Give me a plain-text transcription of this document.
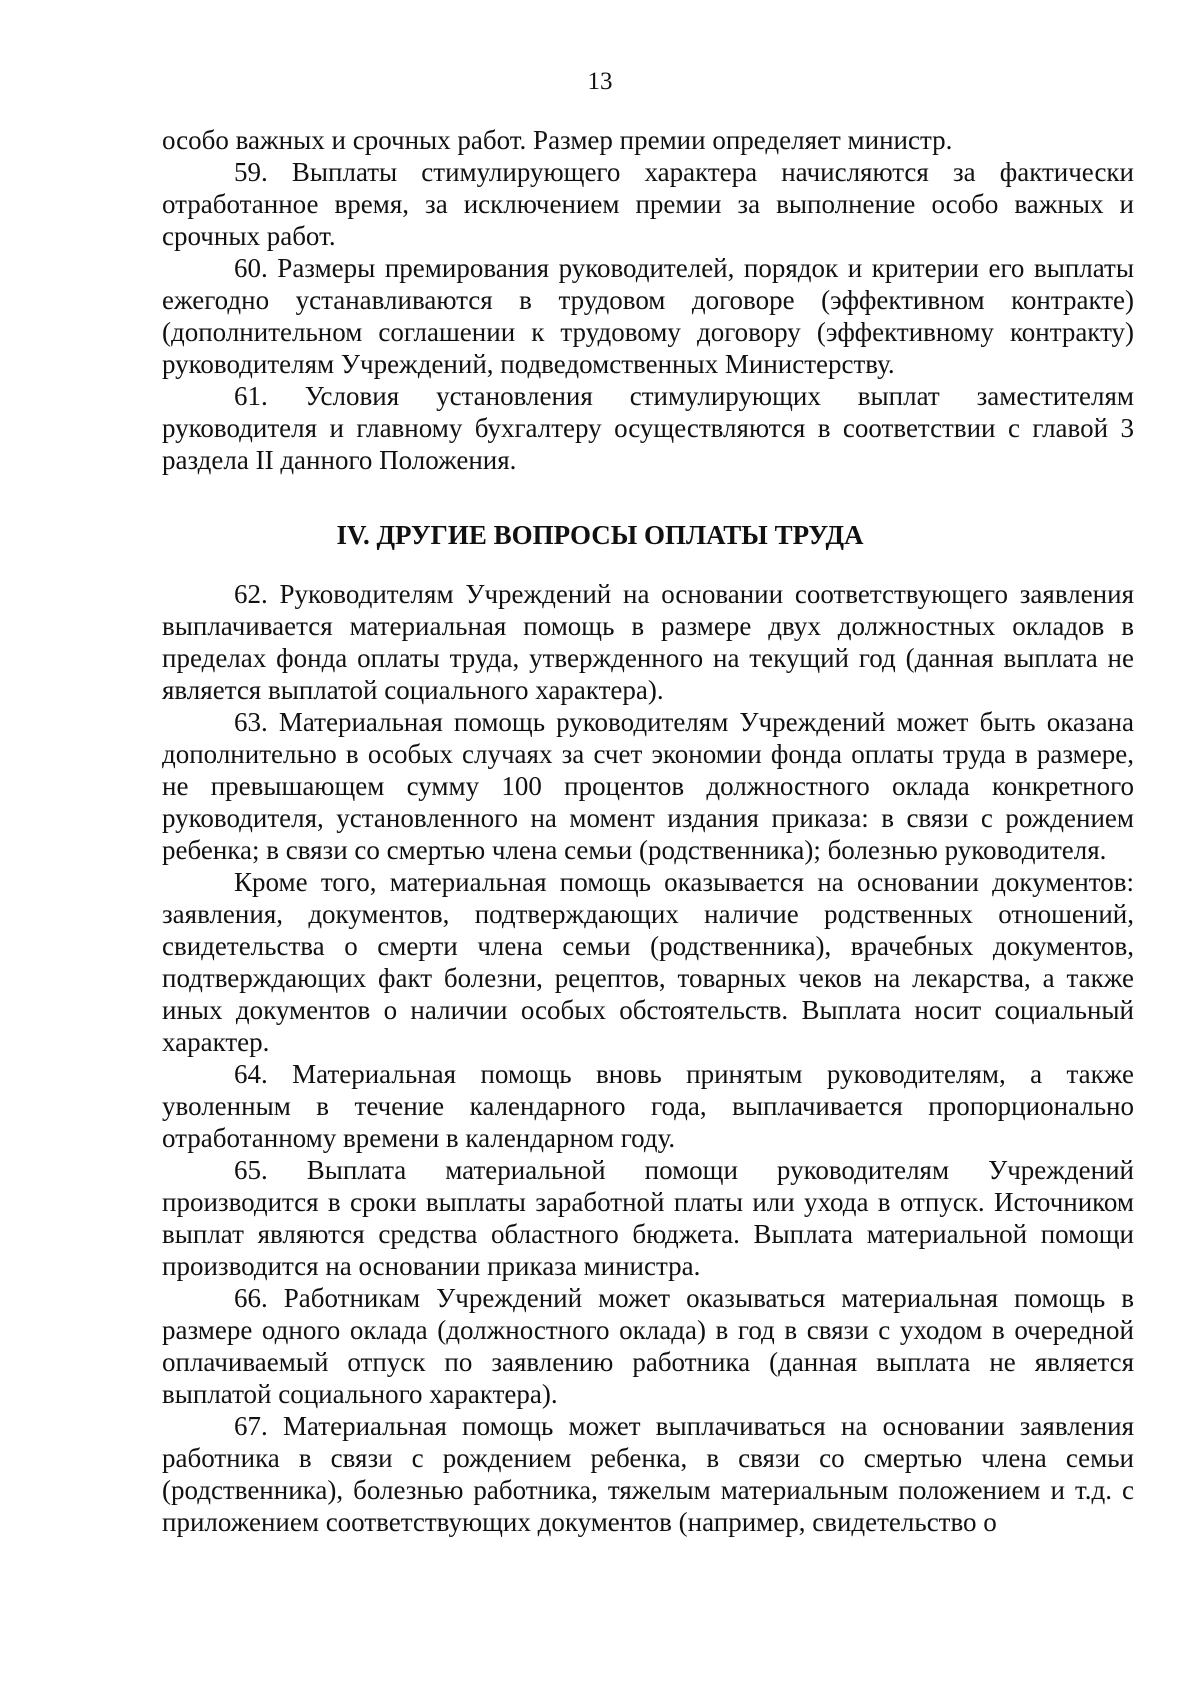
13

особо важных и срочных работ. Размер премии определяет министр.

59. Выплаты стимулирующего характера начисляются за фактически отработанное время, за исключением премии за выполнение особо важных и срочных работ.

60. Размеры премирования руководителей, порядок и критерии его выплаты ежегодно устанавливаются в трудовом договоре (эффективном контракте) (дополнительном соглашении к трудовому договору (эффективному контракту) руководителям Учреждений, подведомственных Министерству.

61. Условия установления стимулирующих выплат заместителям руководителя и главному бухгалтеру осуществляются в соответствии с главой 3 раздела II данного Положения.

IV. ДРУГИЕ ВОПРОСЫ ОПЛАТЫ ТРУДА

62. Руководителям Учреждений на основании соответствующего заявления выплачивается материальная помощь в размере двух должностных окладов в пределах фонда оплаты труда, утвержденного на текущий год (данная выплата не является выплатой социального характера).

63. Материальная помощь руководителям Учреждений может быть оказана дополнительно в особых случаях за счет экономии фонда оплаты труда в размере, не превышающем сумму 100 процентов должностного оклада конкретного руководителя, установленного на момент издания приказа: в связи с рождением ребенка; в связи со смертью члена семьи (родственника); болезнью руководителя.

Кроме того, материальная помощь оказывается на основании документов: заявления, документов, подтверждающих наличие родственных отношений, свидетельства о смерти члена семьи (родственника), врачебных документов, подтверждающих факт болезни, рецептов, товарных чеков на лекарства, а также иных документов о наличии особых обстоятельств. Выплата носит социальный характер.

64. Материальная помощь вновь принятым руководителям, а также уволенным в течение календарного года, выплачивается пропорционально отработанному времени в календарном году.

65. Выплата материальной помощи руководителям Учреждений производится в сроки выплаты заработной платы или ухода в отпуск. Источником выплат являются средства областного бюджета. Выплата материальной помощи производится на основании приказа министра.

66. Работникам Учреждений может оказываться материальная помощь в размере одного оклада (должностного оклада) в год в связи с уходом в очередной оплачиваемый отпуск по заявлению работника (данная выплата не является выплатой социального характера).

67. Материальная помощь может выплачиваться на основании заявления работника в связи с рождением ребенка, в связи со смертью члена семьи (родственника), болезнью работника, тяжелым материальным положением и т.д. с приложением соответствующих документов (например, свидетельство о
